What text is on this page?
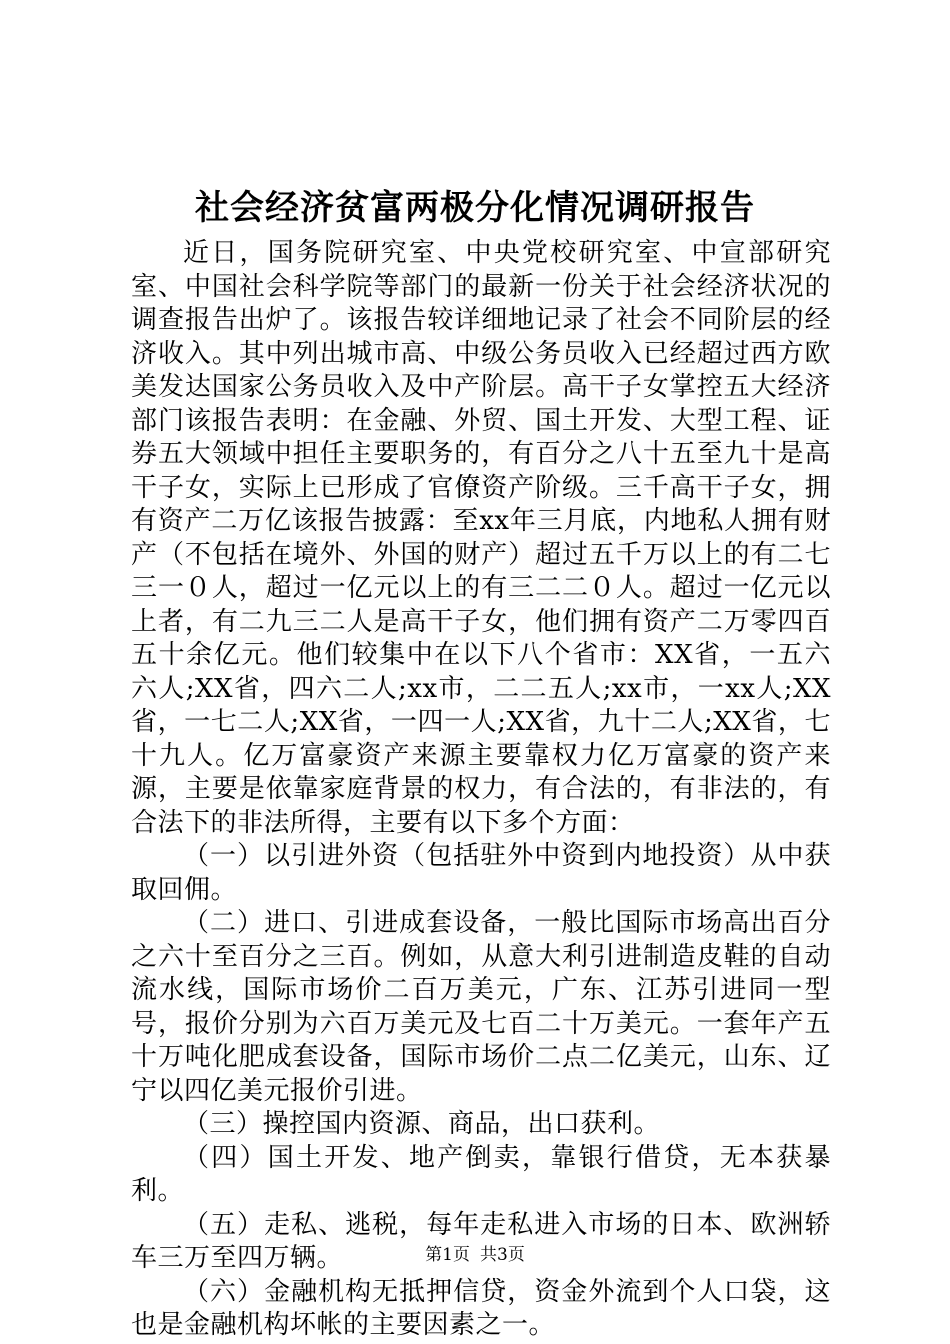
社会经济贫富两极分化情况调研报告

近日，国务院研究室、中央党校研究室、中宣部研究室、中国社会科学院等部门的最新一份关于社会经济状况的调查报告出炉了。该报告较详细地记录了社会不同阶层的经济收入。其中列出城市高、中级公务员收入已经超过西方欧美发达国家公务员收入及中产阶层。高干子女掌控五大经济部门该报告表明：在金融、外贸、国土开发、大型工程、证券五大领域中担任主要职务的，有百分之八十五至九十是高干子女，实际上已形成了官僚资产阶级。三千高干子女，拥有资产二万亿该报告披露：至xx年三月底，内地私人拥有财产（不包括在境外、外国的财产）超过五千万以上的有二七三一０人，超过一亿元以上的有三二二０人。超过一亿元以上者，有二九三二人是高干子女，他们拥有资产二万零四百五十余亿元。他们较集中在以下八个省市：XX省，一五六六人;XX省，四六二人;xx市，二二五人;xx市，一xx人;XX省，一七二人;XX省，一四一人;XX省，九十二人;XX省，七十九人。亿万富豪资产来源主要靠权力亿万富豪的资产来源，主要是依靠家庭背景的权力，有合法的，有非法的，有合法下的非法所得，主要有以下多个方面：

（一）以引进外资（包括驻外中资到内地投资）从中获取回佣。

（二）进口、引进成套设备，一般比国际市场高出百分之六十至百分之三百。例如，从意大利引进制造皮鞋的自动流水线，国际市场价二百万美元，广东、江苏引进同一型号，报价分别为六百万美元及七百二十万美元。一套年产五十万吨化肥成套设备，国际市场价二点二亿美元，山东、辽宁以四亿美元报价引进。

（三）操控国内资源、商品，出口获利。

（四）国土开发、地产倒卖，靠银行借贷，无本获暴利。

（五）走私、逃税，每年走私进入市场的日本、欧洲轿车三万至四万辆。

（六）金融机构无抵押信贷，资金外流到个人口袋，这也是金融机构坏帐的主要因素之一。

第1页 共3页
